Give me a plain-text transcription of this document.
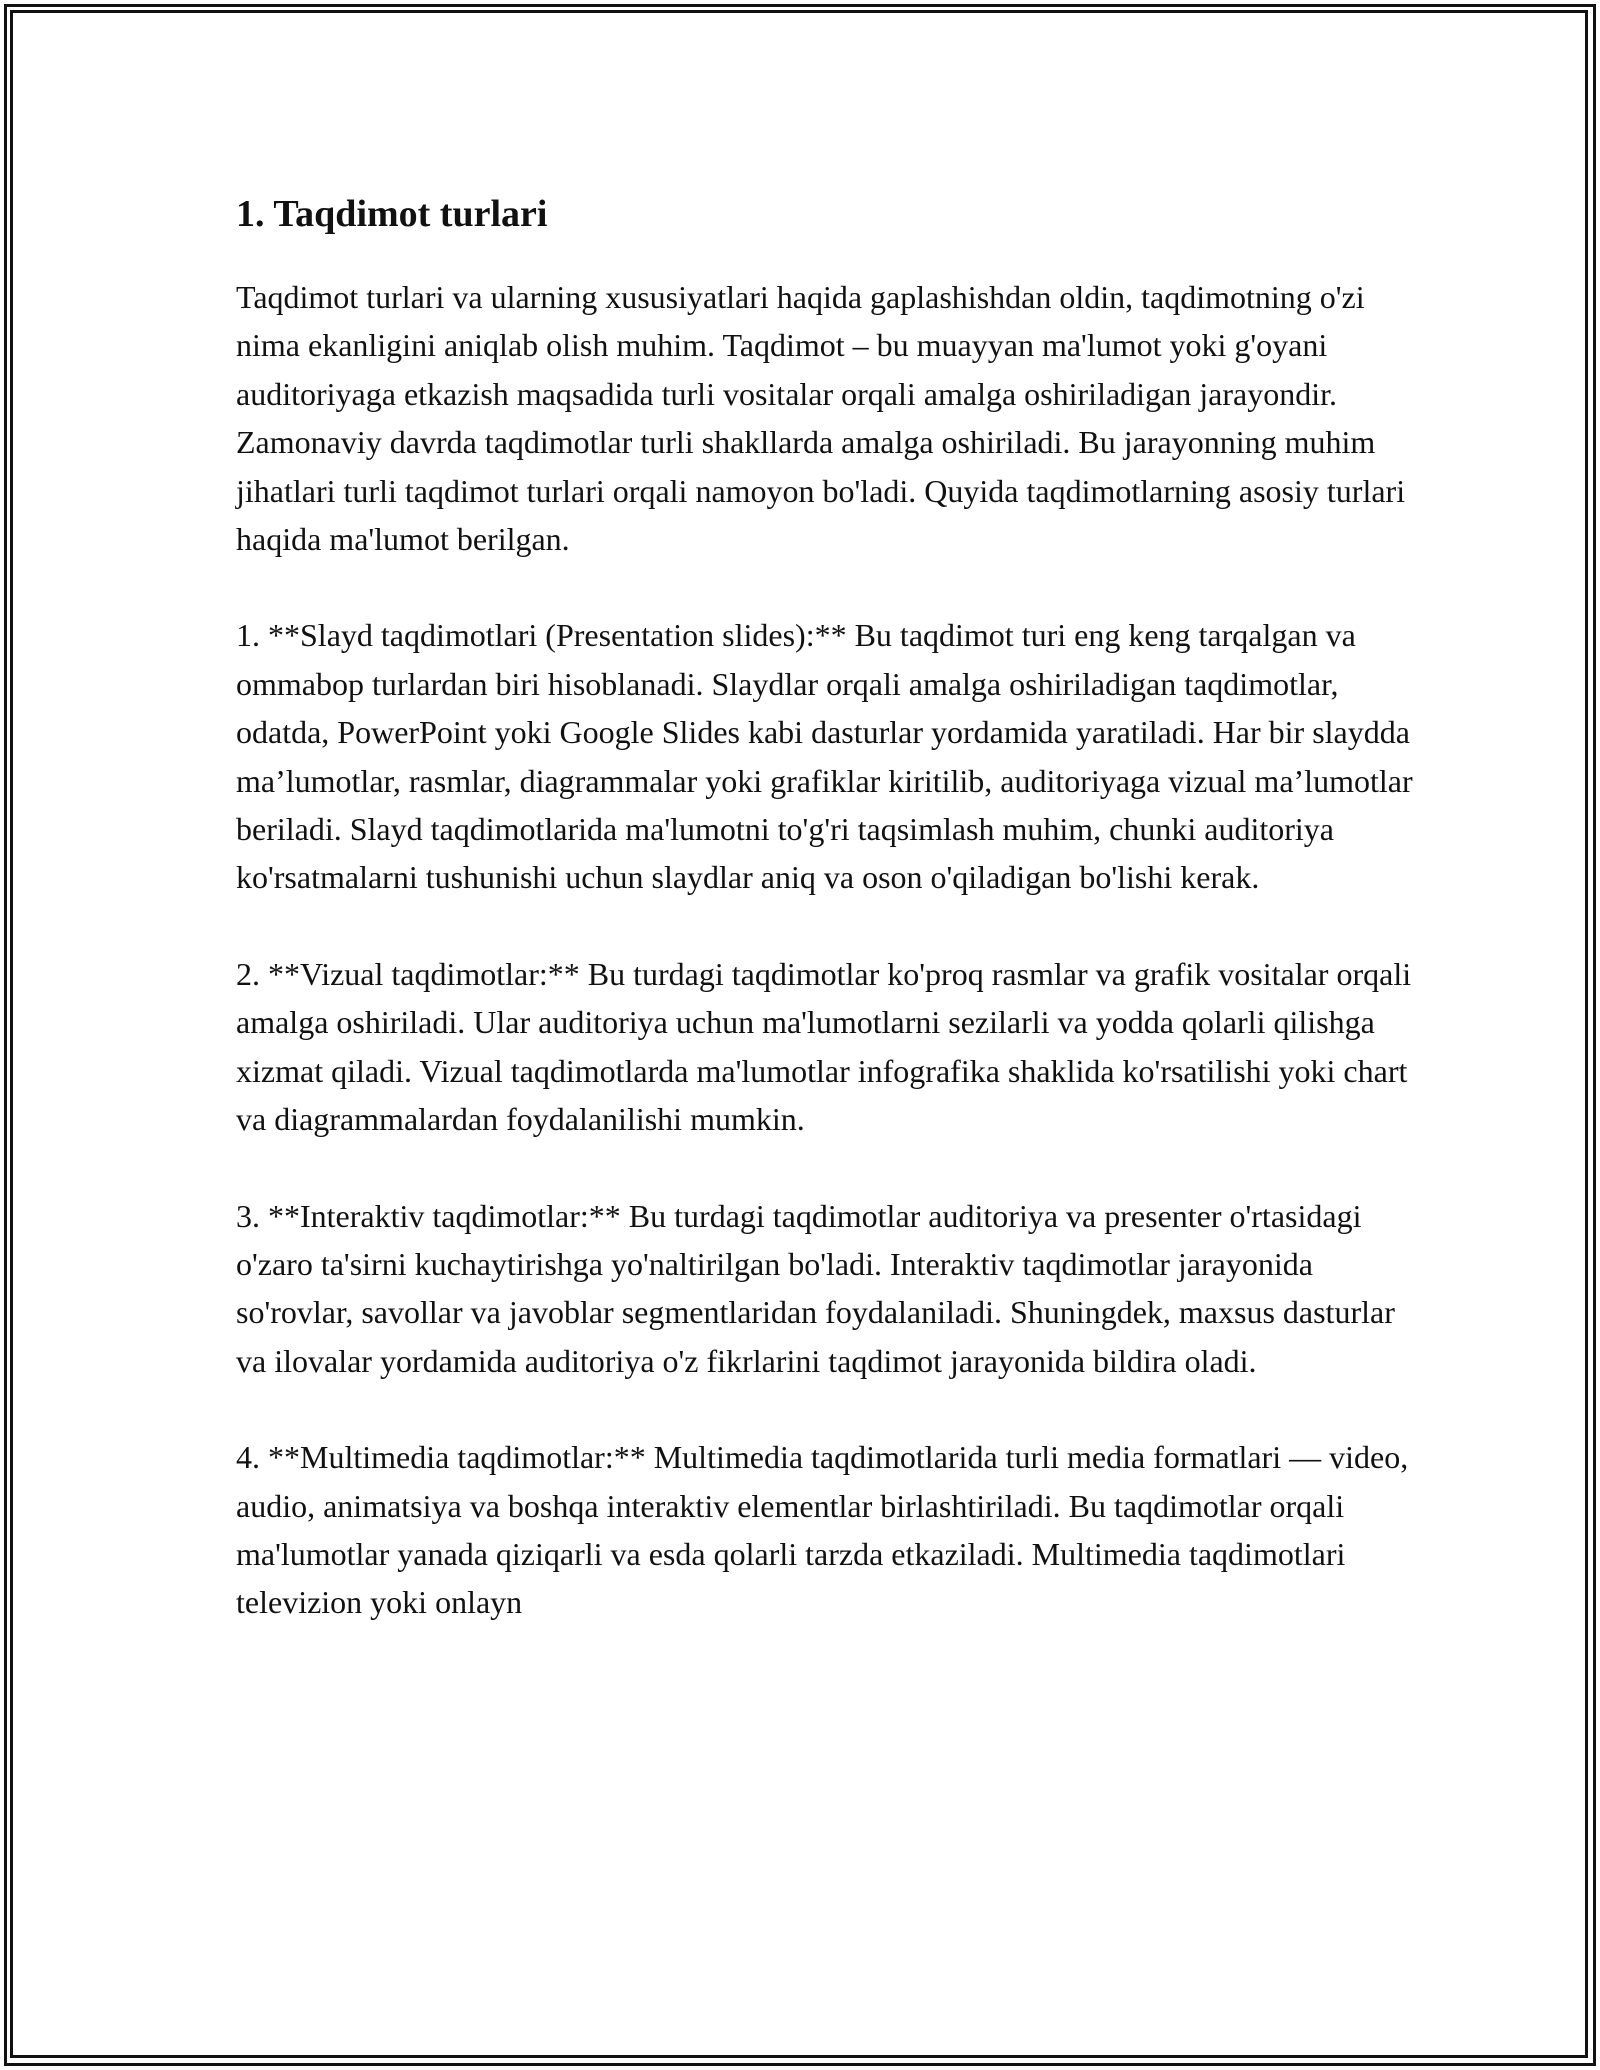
1. Taqdimot turlari

Taqdimot turlari va ularning xususiyatlari haqida gaplashishdan oldin, taqdimotning o'zi nima ekanligini aniqlab olish muhim. Taqdimot – bu muayyan ma'lumot yoki g'oyani auditoriyaga etkazish maqsadida turli vositalar orqali amalga oshiriladigan jarayondir. Zamonaviy davrda taqdimotlar turli shakllarda amalga oshiriladi. Bu jarayonning muhim jihatlari turli taqdimot turlari orqali namoyon bo'ladi. Quyida taqdimotlarning asosiy turlari haqida ma'lumot berilgan.

1. **Slayd taqdimotlari (Presentation slides):** Bu taqdimot turi eng keng tarqalgan va ommabop turlardan biri hisoblanadi. Slaydlar orqali amalga oshiriladigan taqdimotlar, odatda, PowerPoint yoki Google Slides kabi dasturlar yordamida yaratiladi. Har bir slaydda ma’lumotlar, rasmlar, diagrammalar yoki grafiklar kiritilib, auditoriyaga vizual ma’lumotlar beriladi. Slayd taqdimotlarida ma'lumotni to'g'ri taqsimlash muhim, chunki auditoriya ko'rsatmalarni tushunishi uchun slaydlar aniq va oson o'qiladigan bo'lishi kerak.

2. **Vizual taqdimotlar:** Bu turdagi taqdimotlar ko'proq rasmlar va grafik vositalar orqali amalga oshiriladi. Ular auditoriya uchun ma'lumotlarni sezilarli va yodda qolarli qilishga xizmat qiladi. Vizual taqdimotlarda ma'lumotlar infografika shaklida ko'rsatilishi yoki chart va diagrammalardan foydalanilishi mumkin.

3. **Interaktiv taqdimotlar:** Bu turdagi taqdimotlar auditoriya va presenter o'rtasidagi o'zaro ta'sirni kuchaytirishga yo'naltirilgan bo'ladi. Interaktiv taqdimotlar jarayonida so'rovlar, savollar va javoblar segmentlaridan foydalaniladi. Shuningdek, maxsus dasturlar va ilovalar yordamida auditoriya o'z fikrlarini taqdimot jarayonida bildira oladi.

4. **Multimedia taqdimotlar:** Multimedia taqdimotlarida turli media formatlari — video, audio, animatsiya va boshqa interaktiv elementlar birlashtiriladi. Bu taqdimotlar orqali ma'lumotlar yanada qiziqarli va esda qolarli tarzda etkaziladi. Multimedia taqdimotlari televizion yoki onlayn
